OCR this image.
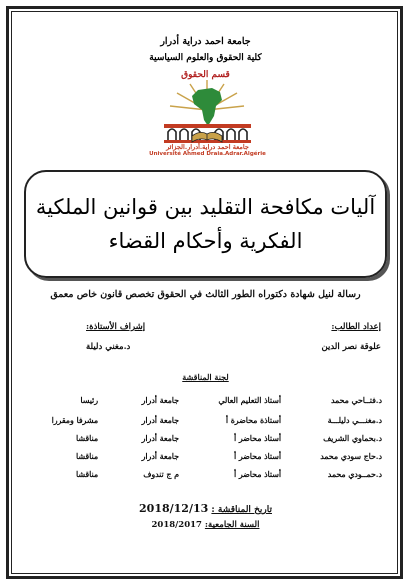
جامعة احمد دراية أدرار
كلية الحقوق والعلوم السياسية
قسم الحقوق
جامعة احمد دراية.أدرار.الجزائر
Université Ahmed Draia.Adrar.Algérie
آليات مكافحة التقليد بين قوانين الملكية
الفكرية وأحكام القضاء
رسالة لنيل شهادة دكتوراه الطور الثالث في الحقوق تخصص قانون خاص معمق
إعداد الطالب:
علوقة نصر الدين
إشراف الأستاذة:
د.مغني دليلة
لجنة المناقشة
د.فتــاحي محمد
أستاذ التعليم العالي
جامعة أدرار
رئيسا
د.مغنـــي دليلـــة
أستاذة محاضرة أ
جامعة أدرار
مشرفا ومقررا
د.بحماوي الشريف
أستاذ محاضر أ
جامعة أدرار
مناقشا
د.حاج سودي محمد
أستاذ محاضر أ
جامعة أدرار
مناقشا
د.حمــودي محمد
أستاذ محاضر أ
م ج تندوف
مناقشا
تاريخ المناقشة : 2018/12/13
السنة الجامعية: 2018/2017
